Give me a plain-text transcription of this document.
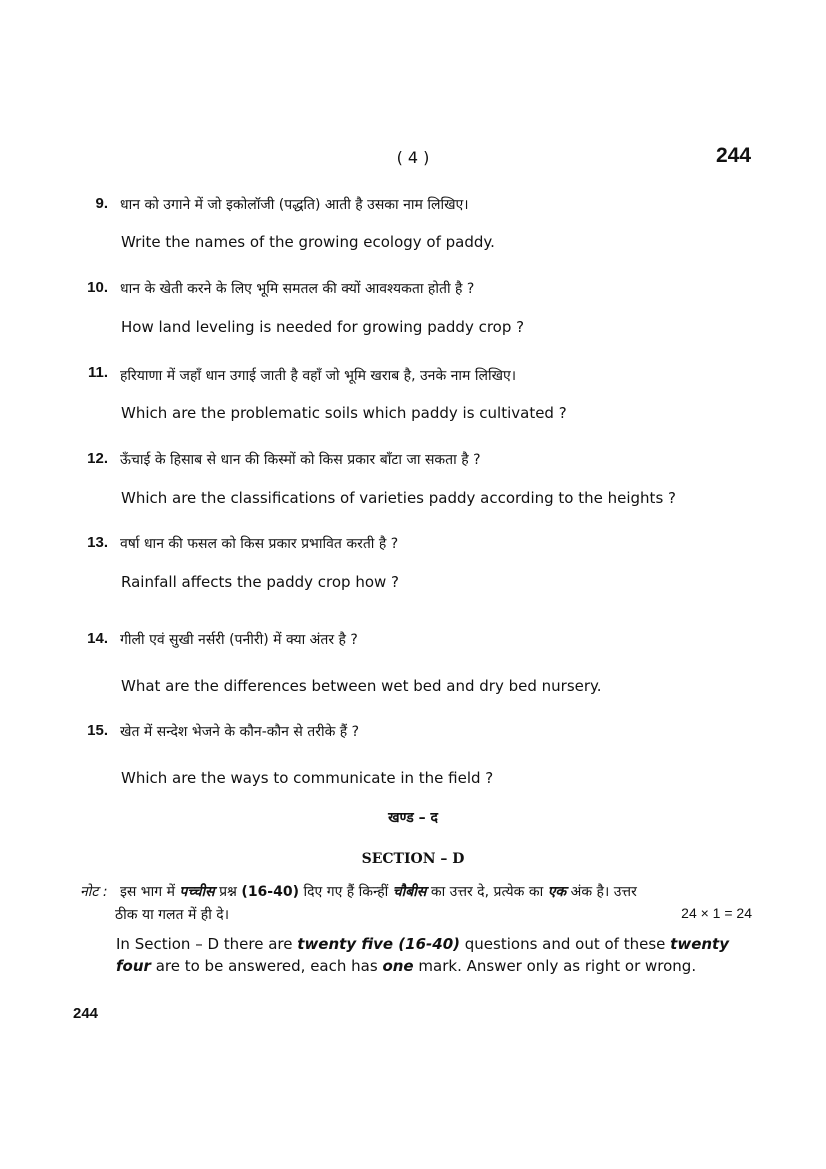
( 4 )	244
9. धान को उगाने में जो इकोलॉजी (पद्धति) आती है उसका नाम लिखिए।
Write the names of the growing ecology of paddy.
10. धान के खेती करने के लिए भूमि समतल की क्यों आवश्यकता होती है ?
How land leveling is needed for growing paddy crop ?
11. हरियाणा में जहाँ धान उगाई जाती है वहाँ जो भूमि खराब है, उनके नाम लिखिए।
Which are the problematic soils which paddy is cultivated ?
12. ऊँचाई के हिसाब से धान की किस्मों को किस प्रकार बाँटा जा सकता है ?
Which are the classifications of varieties paddy according to the heights ?
13. वर्षा धान की फसल को किस प्रकार प्रभावित करती है ?
Rainfall affects the paddy crop how ?
14. गीली एवं सुखी नर्सरी (पनीरी) में क्या अंतर है ?
What are the differences between wet bed and dry bed nursery.
15. खेत में सन्देश भेजने के कौन-कौन से तरीके हैं ?
Which are the ways to communicate in the field ?
खण्ड – द
SECTION – D
नोट : इस भाग में पच्चीस प्रश्न (16-40) दिए गए हैं किन्हीं चौबीस का उत्तर दे, प्रत्येक का एक अंक है। उत्तर
ठीक या गलत में ही दे।	24 × 1 = 24
In Section – D there are twenty five (16-40) questions and out of these twenty
four are to be answered, each has one mark. Answer only as right or wrong.
244
